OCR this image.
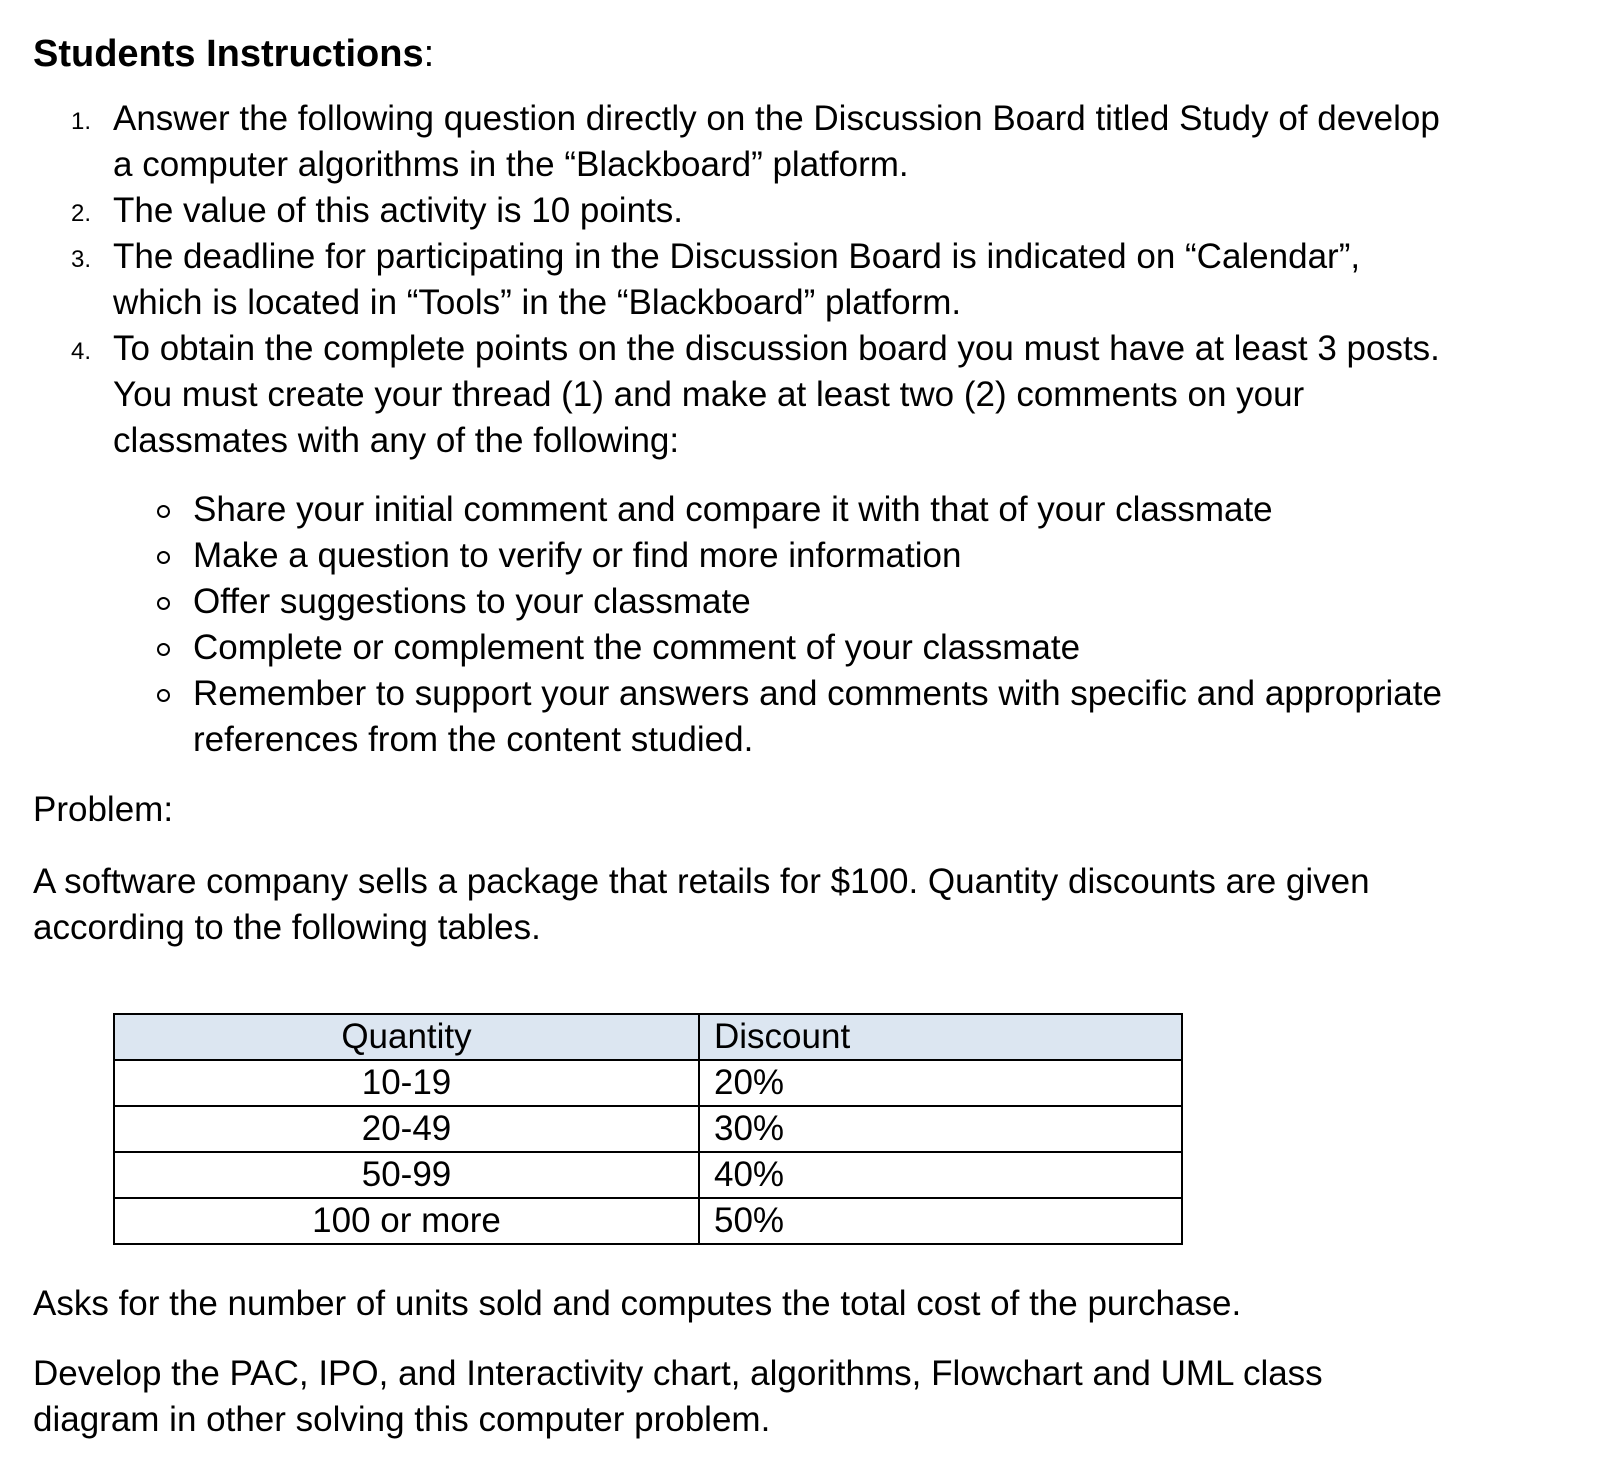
Students Instructions:
1. Answer the following question directly on the Discussion Board titled Study of develop
a computer algorithms in the “Blackboard” platform.
2. The value of this activity is 10 points.
3. The deadline for participating in the Discussion Board is indicated on “Calendar”,
which is located in “Tools” in the “Blackboard” platform.
4. To obtain the complete points on the discussion board you must have at least 3 posts.
You must create your thread (1) and make at least two (2) comments on your
classmates with any of the following:
Share your initial comment and compare it with that of your classmate
Make a question to verify or find more information
Offer suggestions to your classmate
Complete or complement the comment of your classmate
Remember to support your answers and comments with specific and appropriate
references from the content studied.

Problem:

A software company sells a package that retails for $100. Quantity discounts are given
according to the following tables.
Quantity	Discount
10-19	20%
20-49	30%
50-99	40%
100 or more	50%

Asks for the number of units sold and computes the total cost of the purchase.

Develop the PAC, IPO, and Interactivity chart, algorithms, Flowchart and UML class
diagram in other solving this computer problem.
